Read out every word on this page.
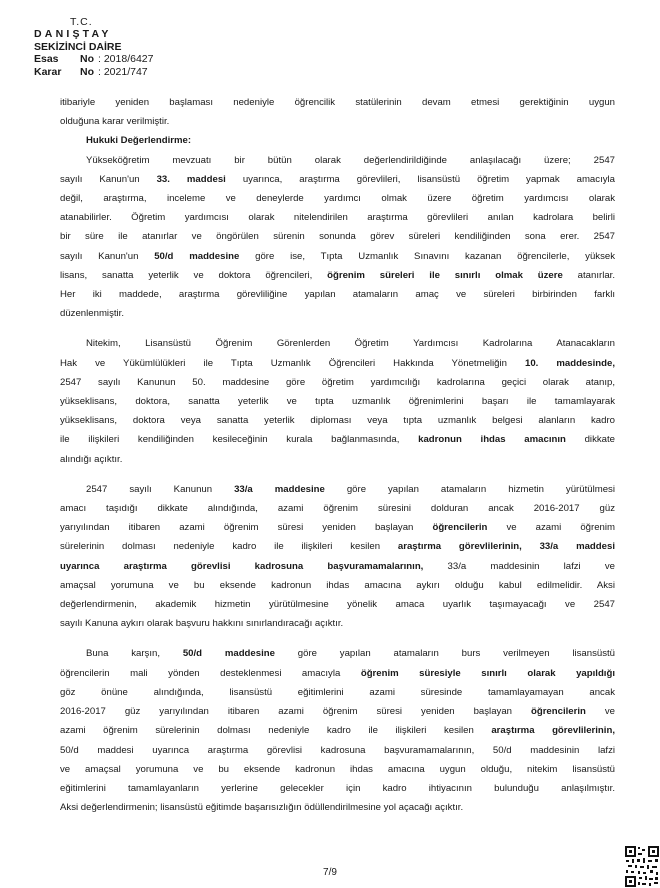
T.C.
DANIŞTAY
SEKİZİNCİ DAİRE
Esas	No : 2018/6427
Karar	No : 2021/747
itibariyle yeniden başlaması nedeniyle öğrencilik statülerinin devam etmesi gerektiğinin uygun
olduğuna karar verilmiştir.
Hukuki Değerlendirme:
Yükseköğretim mevzuatı bir bütün olarak değerlendirildiğinde anlaşılacağı üzere; 2547
sayılı Kanun'un 33. maddesi uyarınca, araştırma görevlileri, lisansüstü öğretim yapmak amacıyla
değil, araştırma, inceleme ve deneylerde yardımcı olmak üzere öğretim yardımcısı olarak
atanabilirler. Öğretim yardımcısı olarak nitelendirilen araştırma görevlileri anılan kadrolara belirli
bir süre ile atanırlar ve öngörülen sürenin sonunda görev süreleri kendiliğinden sona erer. 2547
sayılı Kanun'un 50/d maddesine göre ise, Tıpta Uzmanlık Sınavını kazanan öğrencilerle, yüksek
lisans, sanatta yeterlik ve doktora öğrencileri, öğrenim süreleri ile sınırlı olmak üzere atanırlar.
Her iki maddede, araştırma görevliliğine yapılan atamaların amaç ve süreleri birbirinden farklı
düzenlenmiştir.
Nitekim, Lisansüstü Öğrenim Görenlerden Öğretim Yardımcısı Kadrolarına Atanacakların
Hak ve Yükümlülükleri ile Tıpta Uzmanlık Öğrencileri Hakkında Yönetmeliğin 10. maddesinde,
2547 sayılı Kanunun 50. maddesine göre öğretim yardımcılığı kadrolarına geçici olarak atanıp,
yükseklisans, doktora, sanatta yeterlik ve tıpta uzmanlık öğrenimlerini başarı ile tamamlayarak
yükseklisans, doktora veya sanatta yeterlik diploması veya tıpta uzmanlık belgesi alanların kadro
ile ilişkileri kendiliğinden kesileceğinin kurala bağlanmasında, kadronun ihdas amacının dikkate
alındığı açıktır.
2547 sayılı Kanunun 33/a maddesine göre yapılan atamaların hizmetin yürütülmesi
amacı taşıdığı dikkate alındığında, azami öğrenim süresini dolduran ancak 2016-2017 güz
yarıyılından itibaren azami öğrenim süresi yeniden başlayan öğrencilerin ve azami öğrenim
sürelerinin dolması nedeniyle kadro ile ilişkileri kesilen araştırma görevlilerinin, 33/a maddesi
uyarınca araştırma görevlisi kadrosuna başvuramamalarının, 33/a maddesinin lafzi ve
amaçsal yorumuna ve bu eksende kadronun ihdas amacına aykırı olduğu kabul edilmelidir. Aksi
değerlendirmenin, akademik hizmetin yürütülmesine yönelik amaca uyarlık taşımayacağı ve 2547
sayılı Kanuna aykırı olarak başvuru hakkını sınırlandıracağı açıktır.
Buna karşın, 50/d maddesine göre yapılan atamaların burs verilmeyen lisansüstü
öğrencilerin mali yönden desteklenmesi amacıyla öğrenim süresiyle sınırlı olarak yapıldığı
göz önüne alındığında, lisansüstü eğitimlerini azami süresinde tamamlayamayan ancak
2016-2017 güz yarıyılından itibaren azami öğrenim süresi yeniden başlayan öğrencilerin ve
azami öğrenim sürelerinin dolması nedeniyle kadro ile ilişkileri kesilen araştırma görevlilerinin,
50/d maddesi uyarınca araştırma görevlisi kadrosuna başvuramamalarının, 50/d maddesinin lafzi
ve amaçsal yorumuna ve bu eksende kadronun ihdas amacına uygun olduğu, nitekim lisansüstü
eğitimlerini tamamlayanların yerlerine gelecekler için kadro ihtiyacının bulunduğu anlaşılmıştır.
Aksi değerlendirmenin; lisansüstü eğitimde başarısızlığın ödüllendirilmesine yol açacağı açıktır.
7/9
